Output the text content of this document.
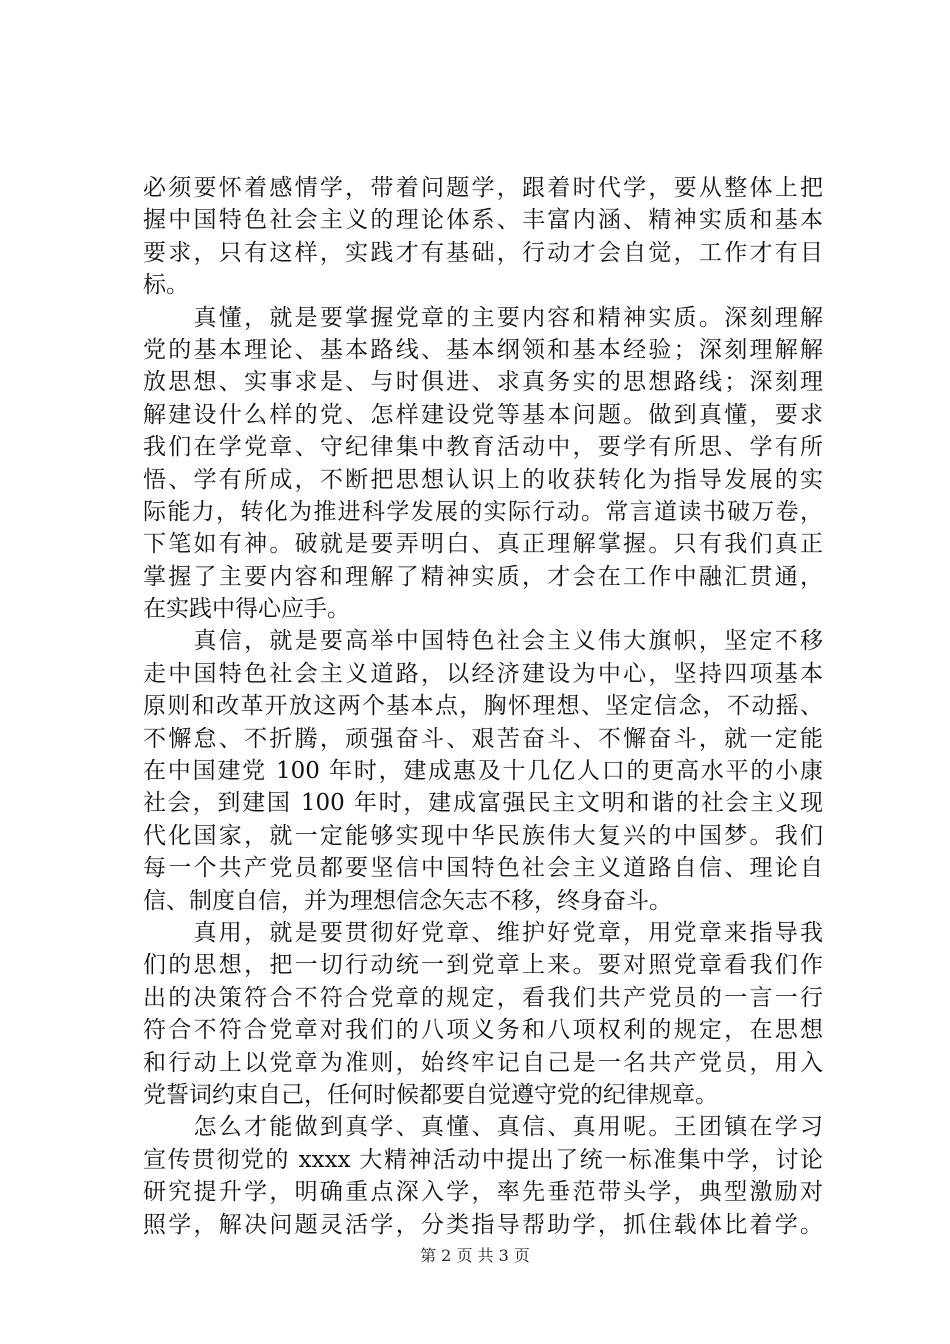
必须要怀着感情学，带着问题学，跟着时代学，要从整体上把
握中国特色社会主义的理论体系、丰富内涵、精神实质和基本
要求，只有这样，实践才有基础，行动才会自觉，工作才有目
标。
　　真懂，就是要掌握党章的主要内容和精神实质。深刻理解
党的基本理论、基本路线、基本纲领和基本经验；深刻理解解
放思想、实事求是、与时俱进、求真务实的思想路线；深刻理
解建设什么样的党、怎样建设党等基本问题。做到真懂，要求
我们在学党章、守纪律集中教育活动中，要学有所思、学有所
悟、学有所成，不断把思想认识上的收获转化为指导发展的实
际能力，转化为推进科学发展的实际行动。常言道读书破万卷，
下笔如有神。破就是要弄明白、真正理解掌握。只有我们真正
掌握了主要内容和理解了精神实质，才会在工作中融汇贯通，
在实践中得心应手。
　　真信，就是要高举中国特色社会主义伟大旗帜，坚定不移
走中国特色社会主义道路，以经济建设为中心，坚持四项基本
原则和改革开放这两个基本点，胸怀理想、坚定信念，不动摇、
不懈怠、不折腾，顽强奋斗、艰苦奋斗、不懈奋斗，就一定能
在中国建党 100 年时，建成惠及十几亿人口的更高水平的小康
社会，到建国 100 年时，建成富强民主文明和谐的社会主义现
代化国家，就一定能够实现中华民族伟大复兴的中国梦。我们
每一个共产党员都要坚信中国特色社会主义道路自信、理论自
信、制度自信，并为理想信念矢志不移，终身奋斗。
　　真用，就是要贯彻好党章、维护好党章，用党章来指导我
们的思想，把一切行动统一到党章上来。要对照党章看我们作
出的决策符合不符合党章的规定，看我们共产党员的一言一行
符合不符合党章对我们的八项义务和八项权利的规定，在思想
和行动上以党章为准则，始终牢记自己是一名共产党员，用入
党誓词约束自己，任何时候都要自觉遵守党的纪律规章。
　　怎么才能做到真学、真懂、真信、真用呢。王团镇在学习
宣传贯彻党的 xxxx 大精神活动中提出了统一标准集中学，讨论
研究提升学，明确重点深入学，率先垂范带头学，典型激励对
照学，解决问题灵活学，分类指导帮助学，抓住载体比着学。
第 2 页 共 3 页
